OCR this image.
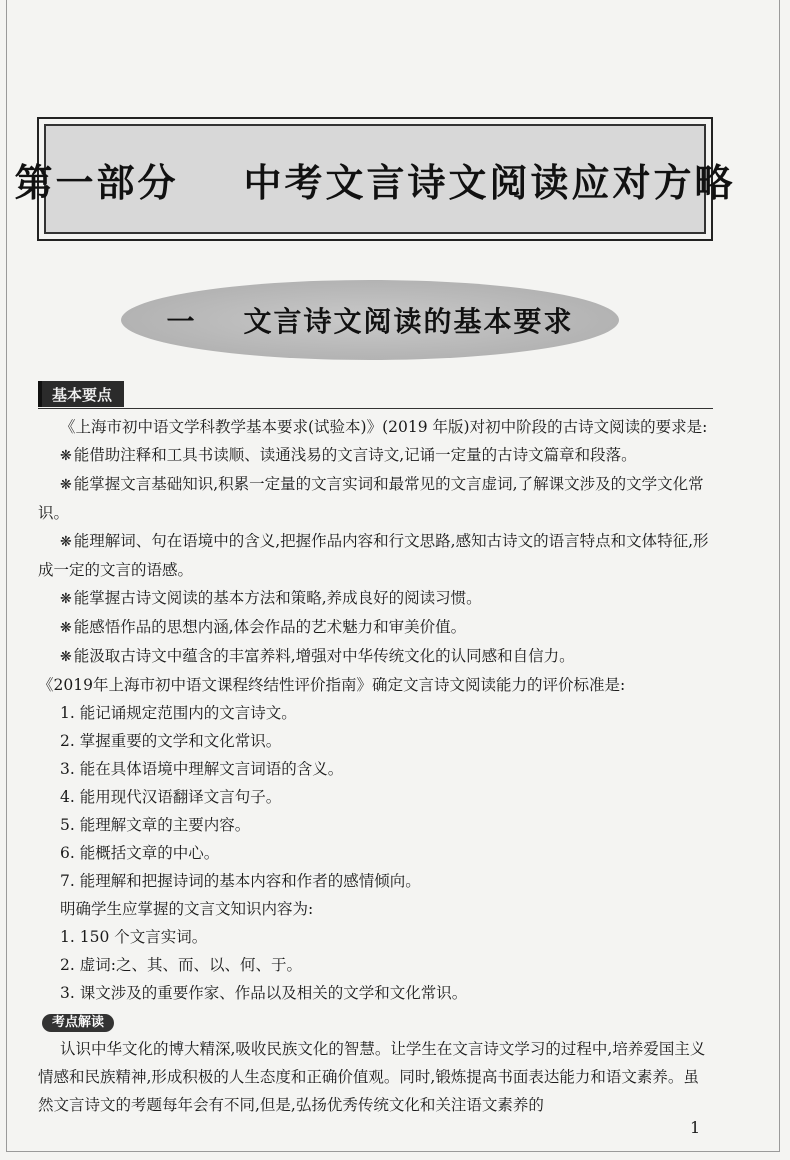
第一部分    中考文言诗文阅读应对方略
一    文言诗文阅读的基本要求
基本要点

《上海市初中语文学科教学基本要求(试验本)》(2019 年版)对初中阶段的古诗文阅读的要求是:

❋ 能借助注释和工具书读顺、读通浅易的文言诗文,记诵一定量的古诗文篇章和段落。

❋ 能掌握文言基础知识,积累一定量的文言实词和最常见的文言虚词,了解课文涉及的文学文化常识。

❋ 能理解词、句在语境中的含义,把握作品内容和行文思路,感知古诗文的语言特点和文体特征,形成一定的文言的语感。

❋ 能掌握古诗文阅读的基本方法和策略,养成良好的阅读习惯。

❋ 能感悟作品的思想内涵,体会作品的艺术魅力和审美价值。

❋ 能汲取古诗文中蕴含的丰富养料,增强对中华传统文化的认同感和自信力。

《2019年上海市初中语文课程终结性评价指南》确定文言诗文阅读能力的评价标准是:

1. 能记诵规定范围内的文言诗文。

2. 掌握重要的文学和文化常识。

3. 能在具体语境中理解文言词语的含义。

4. 能用现代汉语翻译文言句子。

5. 能理解文章的主要内容。

6. 能概括文章的中心。

7. 能理解和把握诗词的基本内容和作者的感情倾向。

明确学生应掌握的文言文知识内容为:

1. 150 个文言实词。

2. 虚词:之、其、而、以、何、于。

3. 课文涉及的重要作家、作品以及相关的文学和文化常识。

考点解读

认识中华文化的博大精深,吸收民族文化的智慧。让学生在文言诗文学习的过程中,培养爱国主义情感和民族精神,形成积极的人生态度和正确价值观。同时,锻炼提高书面表达能力和语文素养。虽然文言诗文的考题每年会有不同,但是,弘扬优秀传统文化和关注语文素养的

1
